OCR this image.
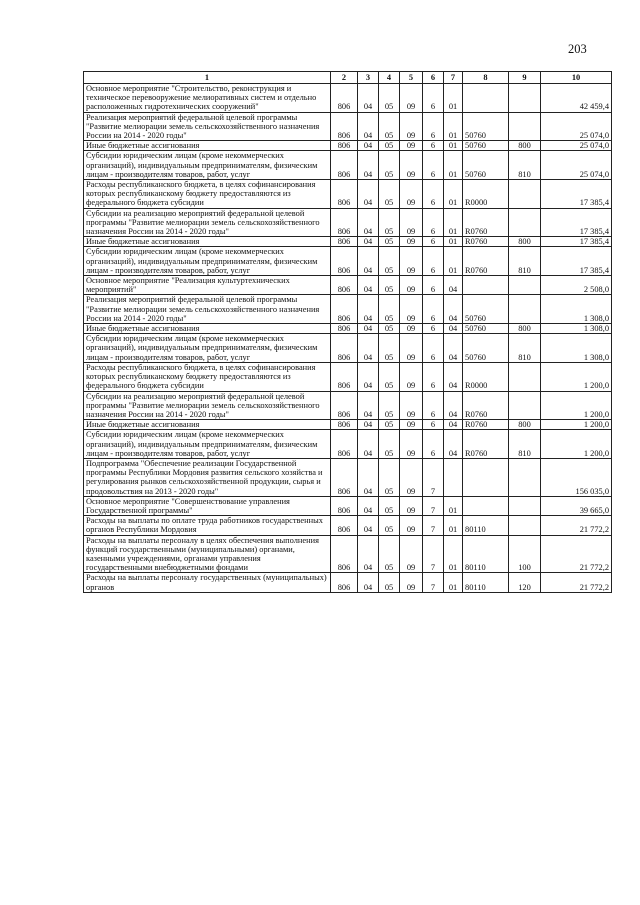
203
1	2	3	4	5	6	7	8	9	10
Основное мероприятие "Строительство, реконструкция и техническое перевооружение мелиоративных систем и отдельно расположенных гидротехнических сооружений"	806	04	05	09	6	01			42 459,4
Реализация мероприятий федеральной целевой программы "Развитие мелиорации земель сельскохозяйственного назначения России на 2014 - 2020 годы"	806	04	05	09	6	01	50760		25 074,0
Иные бюджетные ассигнования	806	04	05	09	6	01	50760	800	25 074,0
Субсидии юридическим лицам (кроме некоммерческих организаций), индивидуальным предпринимателям, физическим лицам - производителям товаров, работ, услуг	806	04	05	09	6	01	50760	810	25 074,0
Расходы республиканского бюджета, в целях софинансирования которых республиканскому бюджету предоставляются из федерального бюджета субсидии	806	04	05	09	6	01	R0000		17 385,4
Субсидии на реализацию мероприятий федеральной целевой программы "Развитие мелиорации земель сельскохозяйственного назначения России на 2014 - 2020 годы"	806	04	05	09	6	01	R0760		17 385,4
Иные бюджетные ассигнования	806	04	05	09	6	01	R0760	800	17 385,4
Субсидии юридическим лицам (кроме некоммерческих организаций), индивидуальным предпринимателям, физическим лицам - производителям товаров, работ, услуг	806	04	05	09	6	01	R0760	810	17 385,4
Основное мероприятие "Реализация культуртехнических мероприятий"	806	04	05	09	6	04			2 508,0
Реализация мероприятий федеральной целевой программы "Развитие мелиорации земель сельскохозяйственного назначения России на 2014 - 2020 годы"	806	04	05	09	6	04	50760		1 308,0
Иные бюджетные ассигнования	806	04	05	09	6	04	50760	800	1 308,0
Субсидии юридическим лицам (кроме некоммерческих организаций), индивидуальным предпринимателям, физическим лицам - производителям товаров, работ, услуг	806	04	05	09	6	04	50760	810	1 308,0
Расходы республиканского бюджета, в целях софинансирования которых республиканскому бюджету предоставляются из федерального бюджета субсидии	806	04	05	09	6	04	R0000		1 200,0
Субсидии на реализацию мероприятий федеральной целевой программы "Развитие мелиорации земель сельскохозяйственного назначения России на 2014 - 2020 годы"	806	04	05	09	6	04	R0760		1 200,0
Иные бюджетные ассигнования	806	04	05	09	6	04	R0760	800	1 200,0
Субсидии юридическим лицам (кроме некоммерческих организаций), индивидуальным предпринимателям, физическим лицам - производителям товаров, работ, услуг	806	04	05	09	6	04	R0760	810	1 200,0
Подпрограмма "Обеспечение реализации Государственной программы Республики Мордовия развития сельского хозяйства и регулирования рынков сельскохозяйственной продукции, сырья и продовольствия на 2013 - 2020 годы"	806	04	05	09	7				156 035,0
Основное мероприятие "Совершенствование управления Государственной программы"	806	04	05	09	7	01			39 665,0
Расходы на выплаты по оплате труда работников государственных органов Республики Мордовия	806	04	05	09	7	01	80110		21 772,2
Расходы на выплаты персоналу в целях обеспечения выполнения функций государственными (муниципальными) органами, казенными учреждениями, органами управления государственными внебюджетными фондами	806	04	05	09	7	01	80110	100	21 772,2
Расходы на выплаты персоналу государственных (муниципальных) органов	806	04	05	09	7	01	80110	120	21 772,2
